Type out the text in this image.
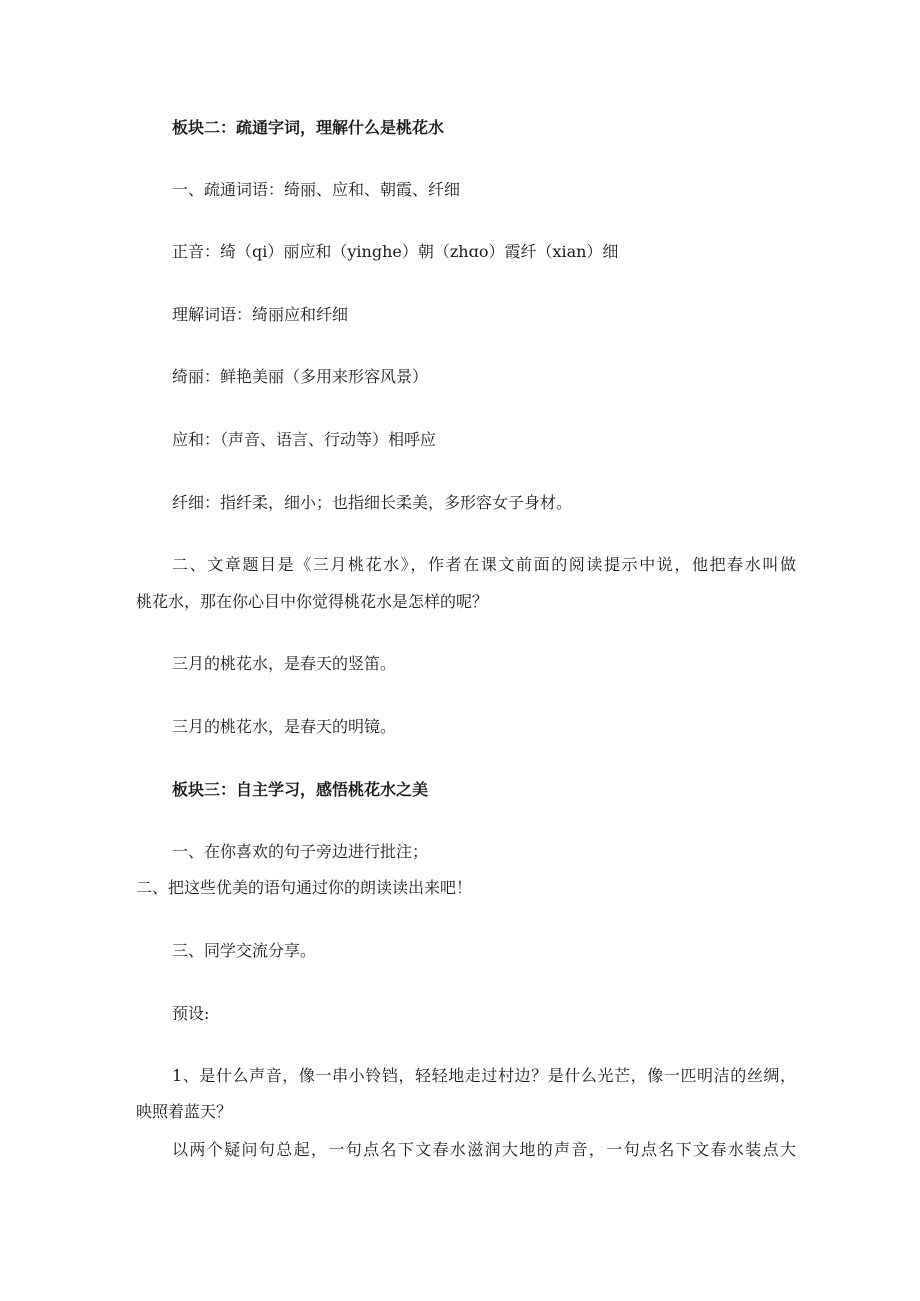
板块二：疏通字词，理解什么是桃花水
一、疏通词语：绮丽、应和、朝霞、纤细
正音：绮（qi）丽应和（yinghe）朝（zhɑo）霞纤（xian）细
理解词语：绮丽应和纤细
绮丽：鲜艳美丽（多用来形容风景）
应和：（声音、语言、行动等）相呼应
纤细：指纤柔，细小；也指细长柔美，多形容女子身材。
二、文章题目是《三月桃花水》，作者在课文前面的阅读提示中说，他把春水叫做
桃花水，那在你心目中你觉得桃花水是怎样的呢？
三月的桃花水，是春天的竖笛。
三月的桃花水，是春天的明镜。
板块三：自主学习，感悟桃花水之美
一、在你喜欢的句子旁边进行批注；
二、把这些优美的语句通过你的朗读读出来吧！
三、同学交流分享。
预设:
1、是什么声音，像一串小铃铛，轻轻地走过村边？是什么光芒，像一匹明洁的丝绸，
映照着蓝天？
以两个疑问句总起，一句点名下文春水滋润大地的声音，一句点名下文春水装点大
